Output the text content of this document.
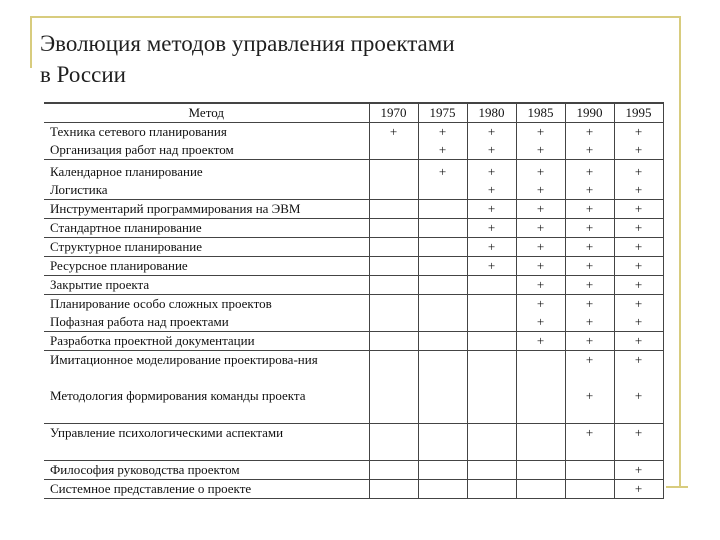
Эволюция методов управления проектами
в России
Метод	1970	1975	1980	1985	1990	1995
Техника сетевого планирования	+	+	+	+	+	+
Организация работ над проектом		+	+	+	+	+
Календарное планирование		+	+	+	+	+
Логистика			+	+	+	+
Инструментарий программирования на ЭВМ			+	+	+	+
Стандартное планирование			+	+	+	+
Структурное планирование			+	+	+	+
Ресурсное планирование			+	+	+	+
Закрытие проекта				+	+	+
Планирование особо сложных проектов				+	+	+
Пофазная работа над проектами				+	+	+
Разработка проектной документации				+	+	+
Имитационное моделирование проектирова-ния					+	+
Методология формирования команды проекта					+	+
Управление психологическими аспектами					+	+
Философия руководства проектом						+
Системное представление о проекте						+
